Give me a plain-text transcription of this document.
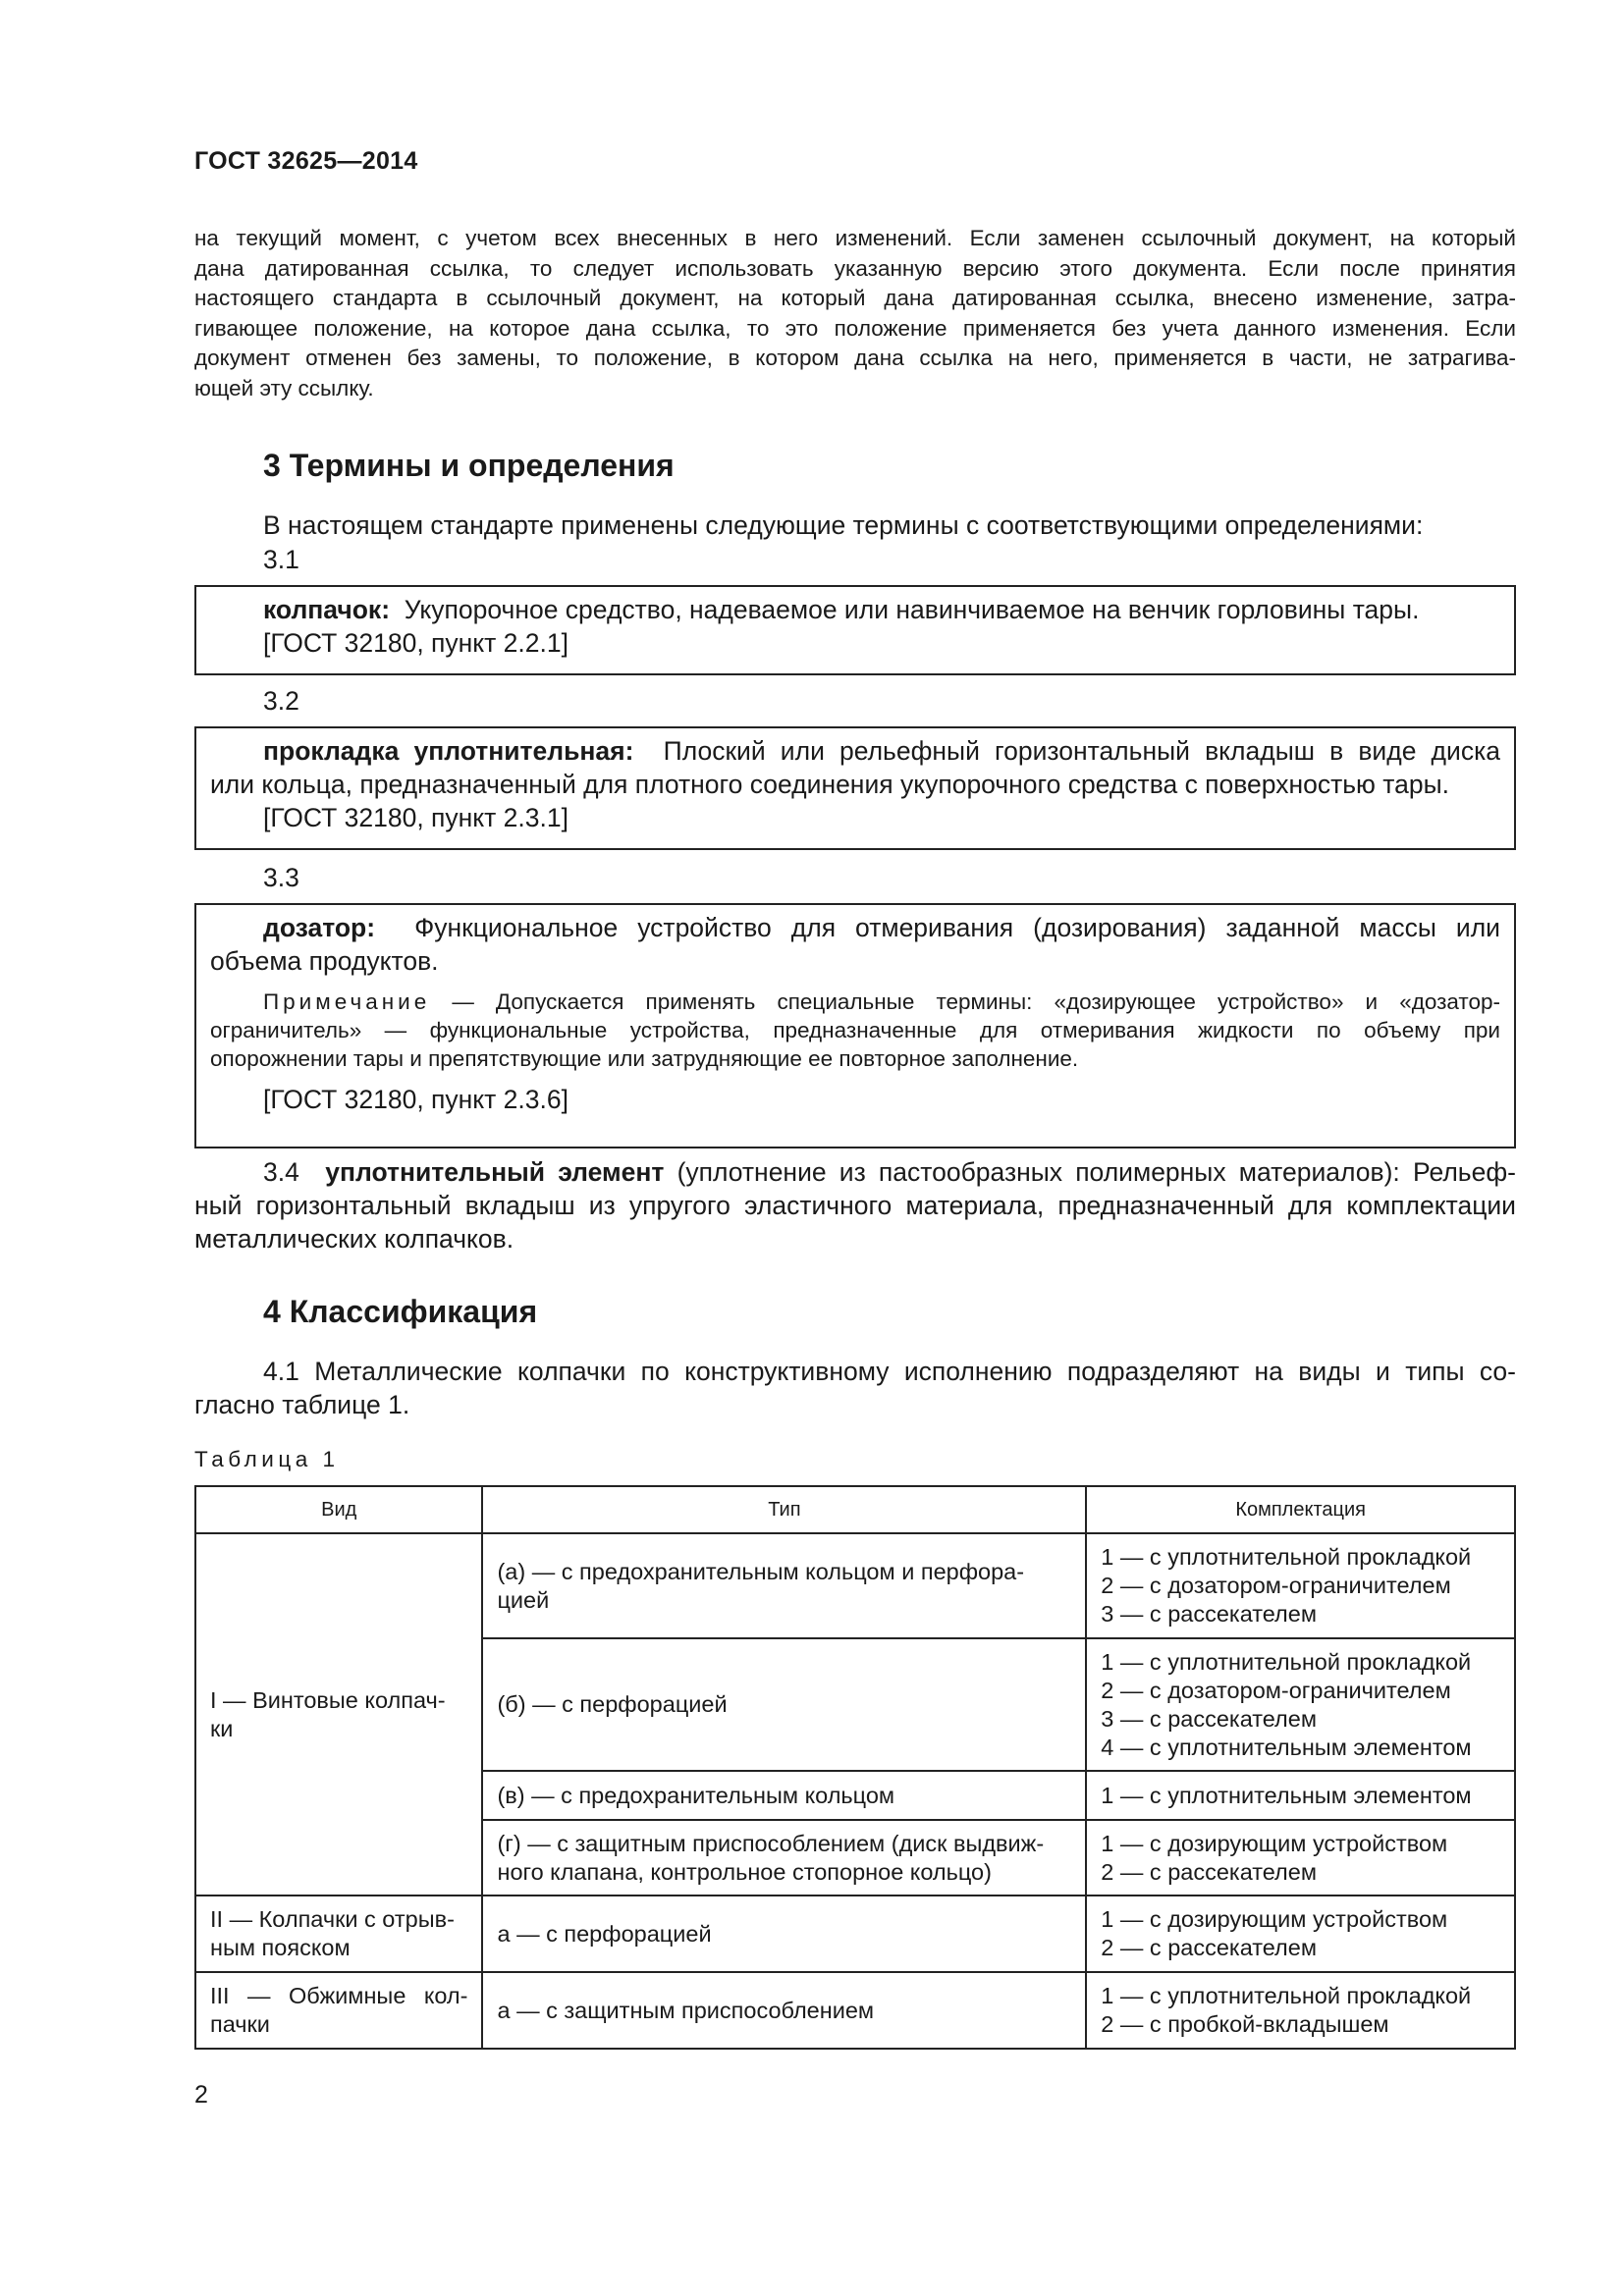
ГОСТ 32625—2014
на текущий момент, с учетом всех внесенных в него изменений. Если заменен ссылочный документ, на который
дана датированная ссылка, то следует использовать указанную версию этого документа. Если после принятия
настоящего стандарта в ссылочный документ, на который дана датированная ссылка, внесено изменение, затра-
гивающее положение, на которое дана ссылка, то это положение применяется без учета данного изменения. Если
документ отменен без замены, то положение, в котором дана ссылка на него, применяется в части, не затрагива-
ющей эту ссылку.
3 Термины и определения

В настоящем стандарте применены следующие термины с соответствующими определениями:

3.1

колпачок: Укупорочное средство, надеваемое или навинчиваемое на венчик горловины тары.

[ГОСТ 32180, пункт 2.2.1]

3.2

прокладка уплотнительная: Плоский или рельефный горизонтальный вкладыш в виде диска

или кольца, предназначенный для плотного соединения укупорочного средства с поверхностью тары.

[ГОСТ 32180, пункт 2.3.1]

3.3

дозатор: Функциональное устройство для отмеривания (дозирования) заданной массы или

объема продуктов.

Примечание — Допускается применять специальные термины: «дозирующее устройство» и «дозатор-
ограничитель» — функциональные устройства, предназначенные для отмеривания жидкости по объему при
опорожнении тары и препятствующие или затрудняющие ее повторное заполнение.

[ГОСТ 32180, пункт 2.3.6]

3.4 уплотнительный элемент (уплотнение из пастообразных полимерных материалов): Рельеф-
ный горизонтальный вкладыш из упругого эластичного материала, предназначенный для комплектации
металлических колпачков.
4 Классификация
4.1 Металлические колпачки по конструктивному исполнению подразделяют на виды и типы со-
гласно таблице 1.
Таблица 1
Вид	Тип	Комплектация

I — Винтовые колпач-
ки	(а) — с предохранительным кольцом и перфора-
цией	1 — с уплотнительной прокладкой
2 — с дозатором-ограничителем
3 — с рассекателем

	(б) — с перфорацией	1 — с уплотнительной прокладкой
2 — с дозатором-ограничителем
3 — с рассекателем
4 — с уплотнительным элементом

	(в) — с предохранительным кольцом	1 — с уплотнительным элементом

	(г) — с защитным приспособлением (диск выдвиж-
ного клапана, контрольное стопорное кольцо)	1 — с дозирующим устройством
2 — с рассекателем

II — Колпачки с отрыв-
ным пояском	а — с перфорацией	1 — с дозирующим устройством
2 — с рассекателем

III — Обжимные кол-
пачки	а — с защитным приспособлением	1 — с уплотнительной прокладкой
2 — с пробкой-вкладышем
2
